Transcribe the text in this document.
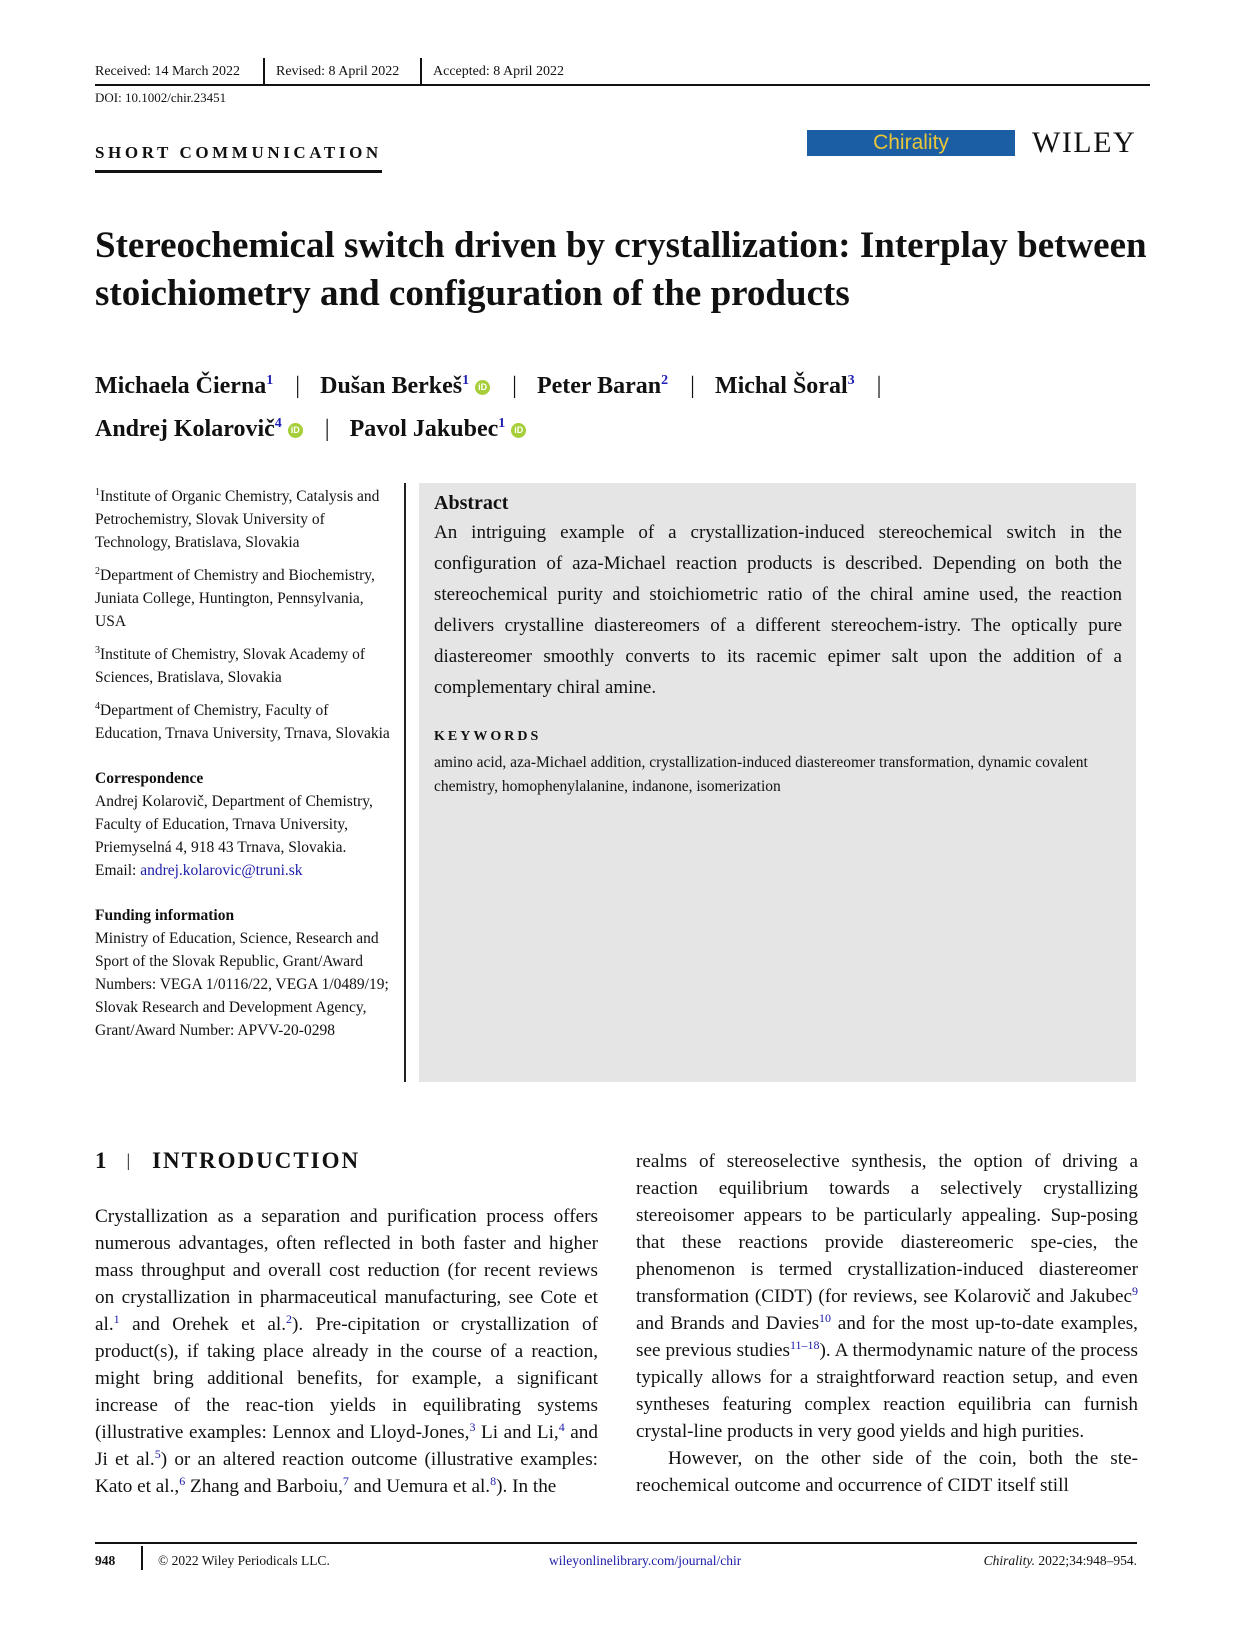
Received: 14 March 2022	Revised: 8 April 2022 Accepted: 8 April 2022
DOI: 10.1002/chir.23451
SHORT COMMUNICATION	Chirality	WILEY
Stereochemical switch driven by crystallization: Interplay between stoichiometry and configuration of the products
Michaela Čierna$^1$ | Dušan Berkeš$^1$ iD | Peter Baran$^2$ | Michal Šoral$^3$ |
Andrej Kolarovič$^4$ iD | Pavol Jakubec$^1$ iD
$^1$Institute of Organic Chemistry, Catalysis and Petrochemistry, Slovak University of Technology, Bratislava, Slovakia
$^2$Department of Chemistry and Biochemistry, Juniata College, Huntington, Pennsylvania, USA
$^3$Institute of Chemistry, Slovak Academy of Sciences, Bratislava, Slovakia
$^4$Department of Chemistry, Faculty of Education, Trnava University, Trnava, Slovakia
Correspondence
Andrej Kolarovič, Department of Chemistry, Faculty of Education, Trnava University, Priemyselná 4, 918 43 Trnava, Slovakia.
Email: andrej.kolarovic@truni.sk
Funding information
Ministry of Education, Science, Research and Sport of the Slovak Republic, Grant/Award Numbers: VEGA 1/0116/22, VEGA 1/0489/19; Slovak Research and Development Agency, Grant/Award Number: APVV-20-0298
Abstract

An intriguing example of a crystallization-induced stereochemical switch in the configuration of aza-Michael reaction products is described. Depending on both the stereochemical purity and stoichiometric ratio of the chiral amine used, the reaction delivers crystalline diastereomers of a different stereochem-istry. The optically pure diastereomer smoothly converts to its racemic epimer salt upon the addition of a complementary chiral amine.

KEYWORDS

amino acid, aza-Michael addition, crystallization-induced diastereomer transformation, dynamic covalent chemistry, homophenylalanine, indanone, isomerization

1 | INTRODUCTION

Crystallization as a separation and purification process offers numerous advantages, often reflected in both faster and higher mass throughput and overall cost reduction (for recent reviews on crystallization in pharmaceutical manufacturing, see Cote et al.$^1$ and Orehek et al.$^2$). Pre-cipitation or crystallization of product(s), if taking place already in the course of a reaction, might bring additional benefits, for example, a significant increase of the reac-tion yields in equilibrating systems (illustrative examples: Lennox and Lloyd-Jones,$^3$ Li and Li,$^4$ and Ji et al.$^5$) or an altered reaction outcome (illustrative examples: Kato et al.,$^6$ Zhang and Barboiu,$^7$ and Uemura et al.$^8$). In the

realms of stereoselective synthesis, the option of driving a reaction equilibrium towards a selectively crystallizing stereoisomer appears to be particularly appealing. Sup-posing that these reactions provide diastereomeric spe-cies, the phenomenon is termed crystallization-induced diastereomer transformation (CIDT) (for reviews, see Kolarovič and Jakubec$^9$ and Brands and Davies$^{10}$ and for the most up-to-date examples, see previous studies$^{11-18}$). A thermodynamic nature of the process typically allows for a straightforward reaction setup, and even syntheses featuring complex reaction equilibria can furnish crystal-line products in very good yields and high purities.

However, on the other side of the coin, both the ste-reochemical outcome and occurrence of CIDT itself still

948	© 2022 Wiley Periodicals LLC.	wileyonlinelibrary.com/journal/chir	Chirality. 2022;34:948–954.
